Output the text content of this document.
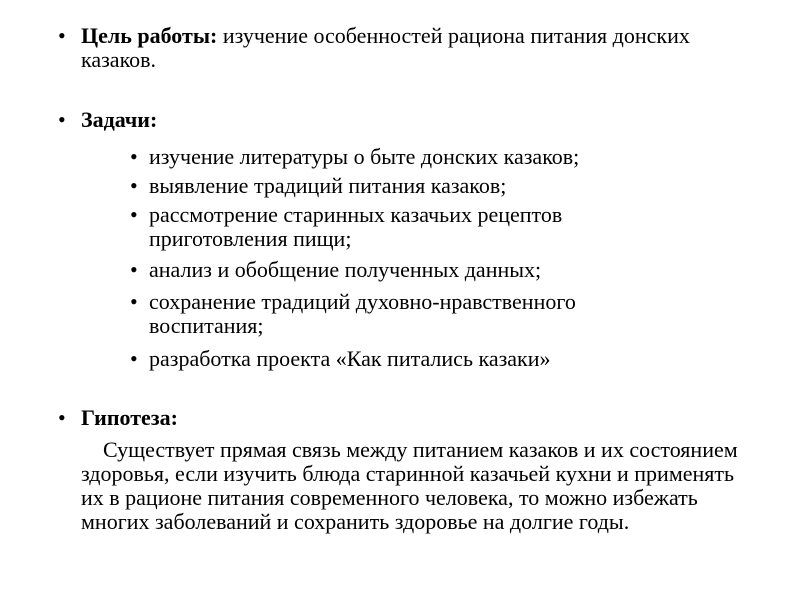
• Цель работы: изучение особенностей рациона питания донских казаков.
• Задачи:
• изучение литературы о быте донских казаков;
• выявление традиций питания казаков;
• рассмотрение старинных казачьих рецептов приготовления пищи;
• анализ и обобщение полученных данных;
• сохранение традиций духовно-нравственного воспитания;
• разработка проекта «Как питались казаки»
• Гипотеза:
Существует прямая связь между питанием казаков и их состоянием здоровья, если изучить блюда старинной казачьей кухни и применять их в рационе питания современного человека, то можно избежать многих заболеваний и сохранить здоровье на долгие годы.
